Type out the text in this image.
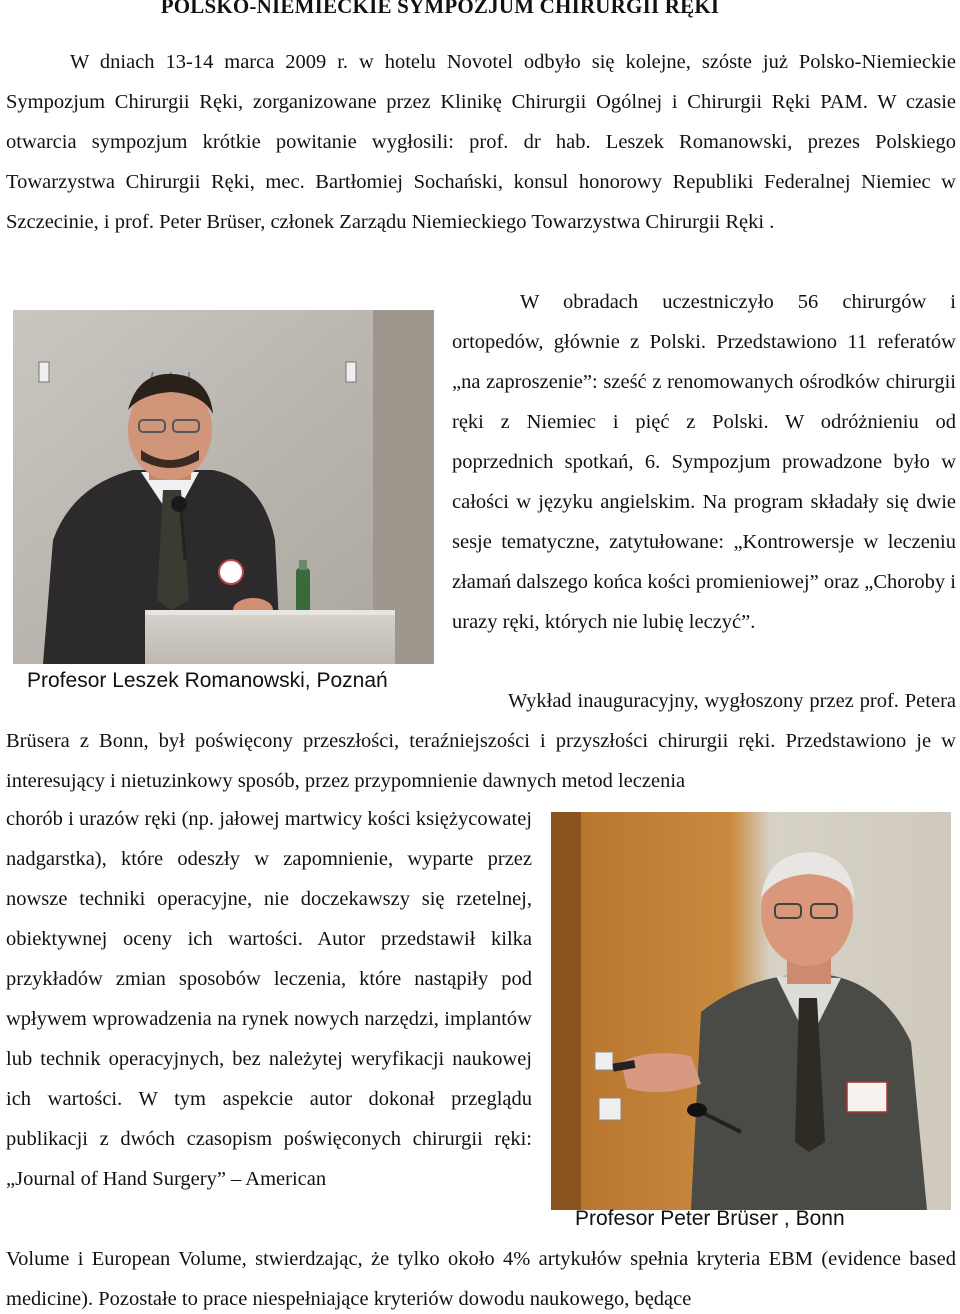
POLSKO-NIEMIECKIE SYMPOZJUM CHIRURGII RĘKI

W dniach 13-14 marca 2009 r. w hotelu Novotel odbyło się kolejne, szóste już Polsko-Niemieckie Sympozjum Chirurgii Ręki, zorganizowane przez Klinikę Chirurgii Ogólnej i Chirurgii Ręki PAM. W czasie otwarcia sympozjum krótkie powitanie wygłosili: prof. dr hab. Leszek Romanowski, prezes Polskiego Towarzystwa Chirurgii Ręki, mec. Bartłomiej Sochański, konsul honorowy Republiki Federalnej Niemiec w Szczecinie, i prof. Peter Brüser, członek Zarządu Niemieckiego Towarzystwa Chirurgii Ręki .

Profesor Leszek Romanowski, Poznań

W obradach uczestniczyło 56 chirurgów i ortopedów, głównie z Polski. Przedstawiono 11 referatów „na zaproszenie”: sześć z renomowanych ośrodków chirurgii ręki z Niemiec i pięć z Polski. W odróżnieniu od poprzednich spotkań, 6. Sympozjum prowadzone było w całości w języku angielskim. Na program składały się dwie sesje tematyczne, zatytułowane: „Kontrowersje w leczeniu złamań dalszego końca kości promieniowej” oraz „Choroby i urazy ręki, których nie lubię leczyć”.

Wykład inauguracyjny, wygłoszony przez prof. Petera Brüsera z Bonn, był poświęcony przeszłości, teraźniejszości i przyszłości chirurgii ręki. Przedstawiono je w interesujący i nietuzinkowy sposób, przez przypomnienie dawnych metod leczenia

chorób i urazów ręki (np. jałowej martwicy kości księżycowatej nadgarstka), które odeszły w zapomnienie, wyparte przez nowsze techniki operacyjne, nie doczekawszy się rzetelnej, obiektywnej oceny ich wartości. Autor przedstawił kilka przykładów zmian sposobów leczenia, które nastąpiły pod wpływem wprowadzenia na rynek nowych narzędzi, implantów lub technik operacyjnych, bez należytej weryfikacji naukowej ich wartości. W tym aspekcie autor dokonał przeglądu publikacji z dwóch czasopism poświęconych chirurgii ręki: „Journal of Hand Surgery” – American

Profesor Peter Brüser , Bonn

Volume i European Volume, stwierdzając, że tylko około 4% artykułów spełnia kryteria EBM (evidence based medicine). Pozostałe to prace niespełniające kryteriów dowodu naukowego, będące
